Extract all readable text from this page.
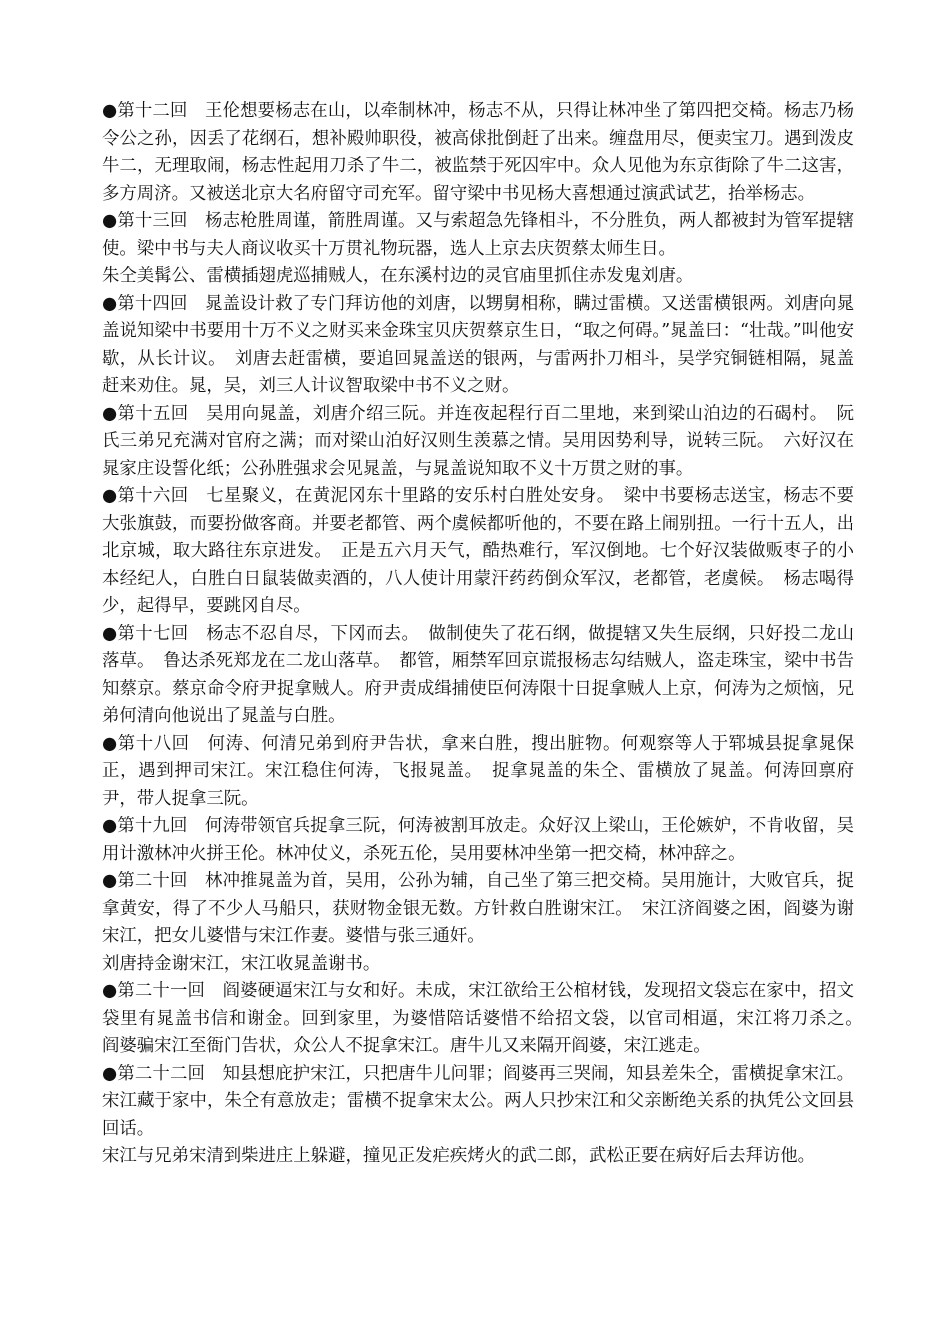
●第十二回　王伦想要杨志在山，以牵制林冲，杨志不从，只得让林冲坐了第四把交椅。杨志乃杨令公之孙，因丢了花纲石，想补殿帅职役，被高俅批倒赶了出来。缠盘用尽，便卖宝刀。遇到泼皮牛二，无理取闹，杨志性起用刀杀了牛二，被监禁于死囚牢中。众人见他为东京街除了牛二这害，多方周济。又被送北京大名府留守司充军。留守梁中书见杨大喜想通过演武试艺，抬举杨志。

●第十三回　杨志枪胜周谨，箭胜周谨。又与索超急先锋相斗，不分胜负，两人都被封为管军提辖使。梁中书与夫人商议收买十万贯礼物玩器，选人上京去庆贺蔡太师生日。

朱仝美髯公、雷横插翅虎巡捕贼人，在东溪村边的灵官庙里抓住赤发鬼刘唐。

●第十四回　晁盖设计救了专门拜访他的刘唐，以甥舅相称，瞒过雷横。又送雷横银两。刘唐向晁盖说知梁中书要用十万不义之财买来金珠宝贝庆贺蔡京生日，“取之何碍。”晁盖曰：“壮哉。”叫他安歇，从长计议。　刘唐去赶雷横，要追回晁盖送的银两，与雷两扑刀相斗，吴学究铜链相隔，晁盖赶来劝住。晁，吴，刘三人计议智取梁中书不义之财。

●第十五回　吴用向晁盖，刘唐介绍三阮。并连夜起程行百二里地，来到梁山泊边的石碣村。　阮氏三弟兄充满对官府之满；而对梁山泊好汉则生羡慕之情。吴用因势利导，说转三阮。　六好汉在晁家庄设誓化纸；公孙胜强求会见晁盖，与晁盖说知取不义十万贯之财的事。

●第十六回　七星聚义，在黄泥冈东十里路的安乐村白胜处安身。　梁中书要杨志送宝，杨志不要大张旗鼓，而要扮做客商。并要老都管、两个虞候都听他的，不要在路上闹别扭。一行十五人，出北京城，取大路往东京进发。　正是五六月天气，酷热难行，军汉倒地。七个好汉装做贩枣子的小本经纪人，白胜白日鼠装做卖酒的，八人使计用蒙汗药药倒众军汉，老都管，老虞候。　杨志喝得少，起得早，要跳冈自尽。

●第十七回　杨志不忍自尽，下冈而去。　做制使失了花石纲，做提辖又失生辰纲，只好投二龙山落草。　鲁达杀死郑龙在二龙山落草。　都管，厢禁军回京谎报杨志勾结贼人，盗走珠宝，梁中书告知蔡京。蔡京命令府尹捉拿贼人。府尹责成缉捕使臣何涛限十日捉拿贼人上京，何涛为之烦恼，兄弟何清向他说出了晁盖与白胜。

●第十八回　何涛、何清兄弟到府尹告状，拿来白胜，搜出脏物。何观察等人于郓城县捉拿晁保正，遇到押司宋江。宋江稳住何涛，飞报晁盖。　捉拿晁盖的朱仝、雷横放了晁盖。何涛回禀府尹，带人捉拿三阮。

●第十九回　何涛带领官兵捉拿三阮，何涛被割耳放走。众好汉上梁山，王伦嫉妒，不肯收留，吴用计激林冲火拼王伦。林冲仗义，杀死五伦，吴用要林冲坐第一把交椅，林冲辞之。

●第二十回　林冲推晁盖为首，吴用，公孙为辅，自己坐了第三把交椅。吴用施计，大败官兵，捉拿黄安，得了不少人马船只，获财物金银无数。方针救白胜谢宋江。　宋江济阎婆之困，阎婆为谢宋江，把女儿婆惜与宋江作妻。婆惜与张三通奸。

刘唐持金谢宋江，宋江收晁盖谢书。

●第二十一回　阎婆硬逼宋江与女和好。未成，宋江欲给王公棺材钱，发现招文袋忘在家中，招文袋里有晁盖书信和谢金。回到家里，为婆惜陪话婆惜不给招文袋，以官司相逼，宋江将刀杀之。　阎婆骗宋江至衙门告状，众公人不捉拿宋江。唐牛儿又来隔开阎婆，宋江逃走。

●第二十二回　知县想庇护宋江，只把唐牛儿问罪；阎婆再三哭闹，知县差朱仝，雷横捉拿宋江。宋江藏于家中，朱仝有意放走；雷横不捉拿宋太公。两人只抄宋江和父亲断绝关系的执凭公文回县回话。

宋江与兄弟宋清到柴进庄上躲避，撞见正发疟疾烤火的武二郎，武松正要在病好后去拜访他。
